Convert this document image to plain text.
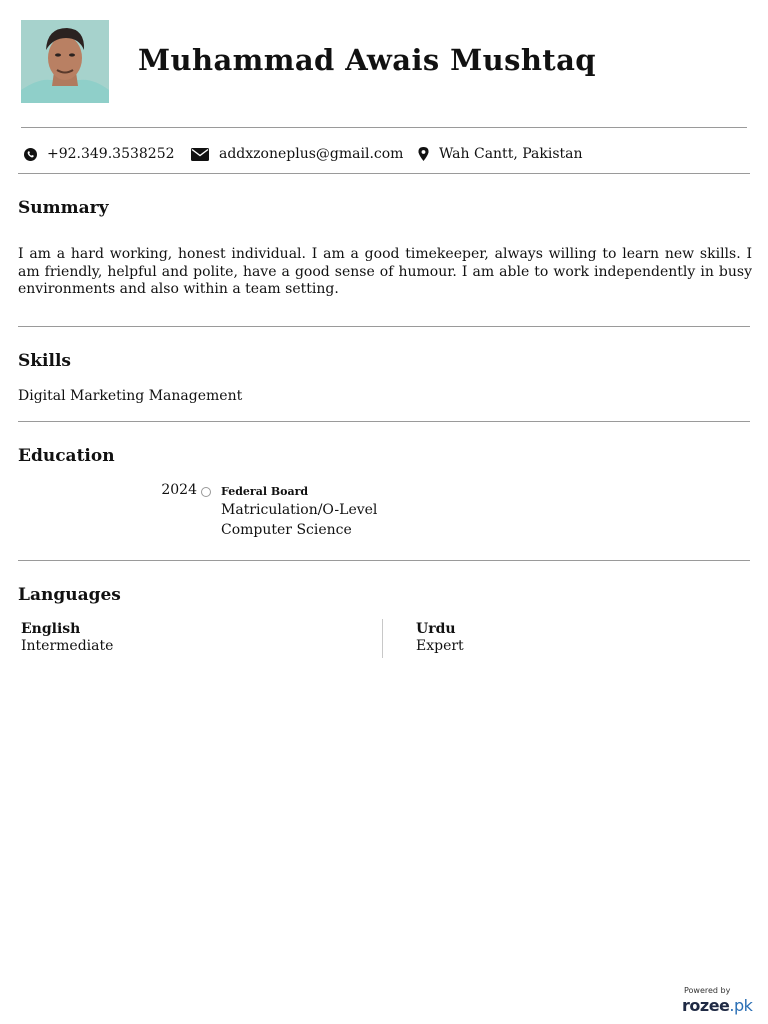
Muhammad Awais Mushtaq
+92.349.3538252	addxzoneplus@gmail.com	Wah Cantt, Pakistan
Summary
I am a hard working, honest individual. I am a good timekeeper, always willing to learn new skills. I am friendly, helpful and polite, have a good sense of humour. I am able to work independently in busy environments and also within a team setting.
Skills
Digital Marketing Management
Education
2024 Federal Board
Matriculation/O-Level
Computer Science
Languages
English
Intermediate
Urdu
Expert
Powered by
rozee.pk
